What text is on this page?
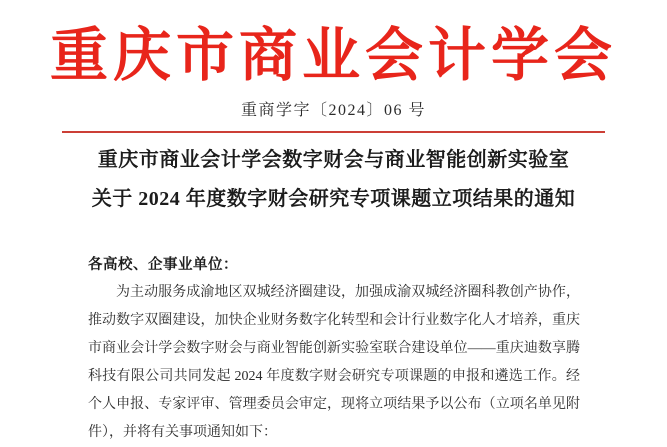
重庆市商业会计学会
重商学字〔2024〕06 号
重庆市商业会计学会数字财会与商业智能创新实验室
关于 2024 年度数字财会研究专项课题立项结果的通知
各高校、企事业单位：

为主动服务成渝地区双城经济圈建设，加强成渝双城经济圈科教创产协作，推动数字双圈建设，加快企业财务数字化转型和会计行业数字化人才培养，重庆市商业会计学会数字财会与商业智能创新实验室联合建设单位——重庆迪数享腾科技有限公司共同发起 2024 年度数字财会研究专项课题的申报和遴选工作。经个人申报、专家评审、管理委员会审定，现将立项结果予以公布（立项名单见附件），并将有关事项通知如下：
